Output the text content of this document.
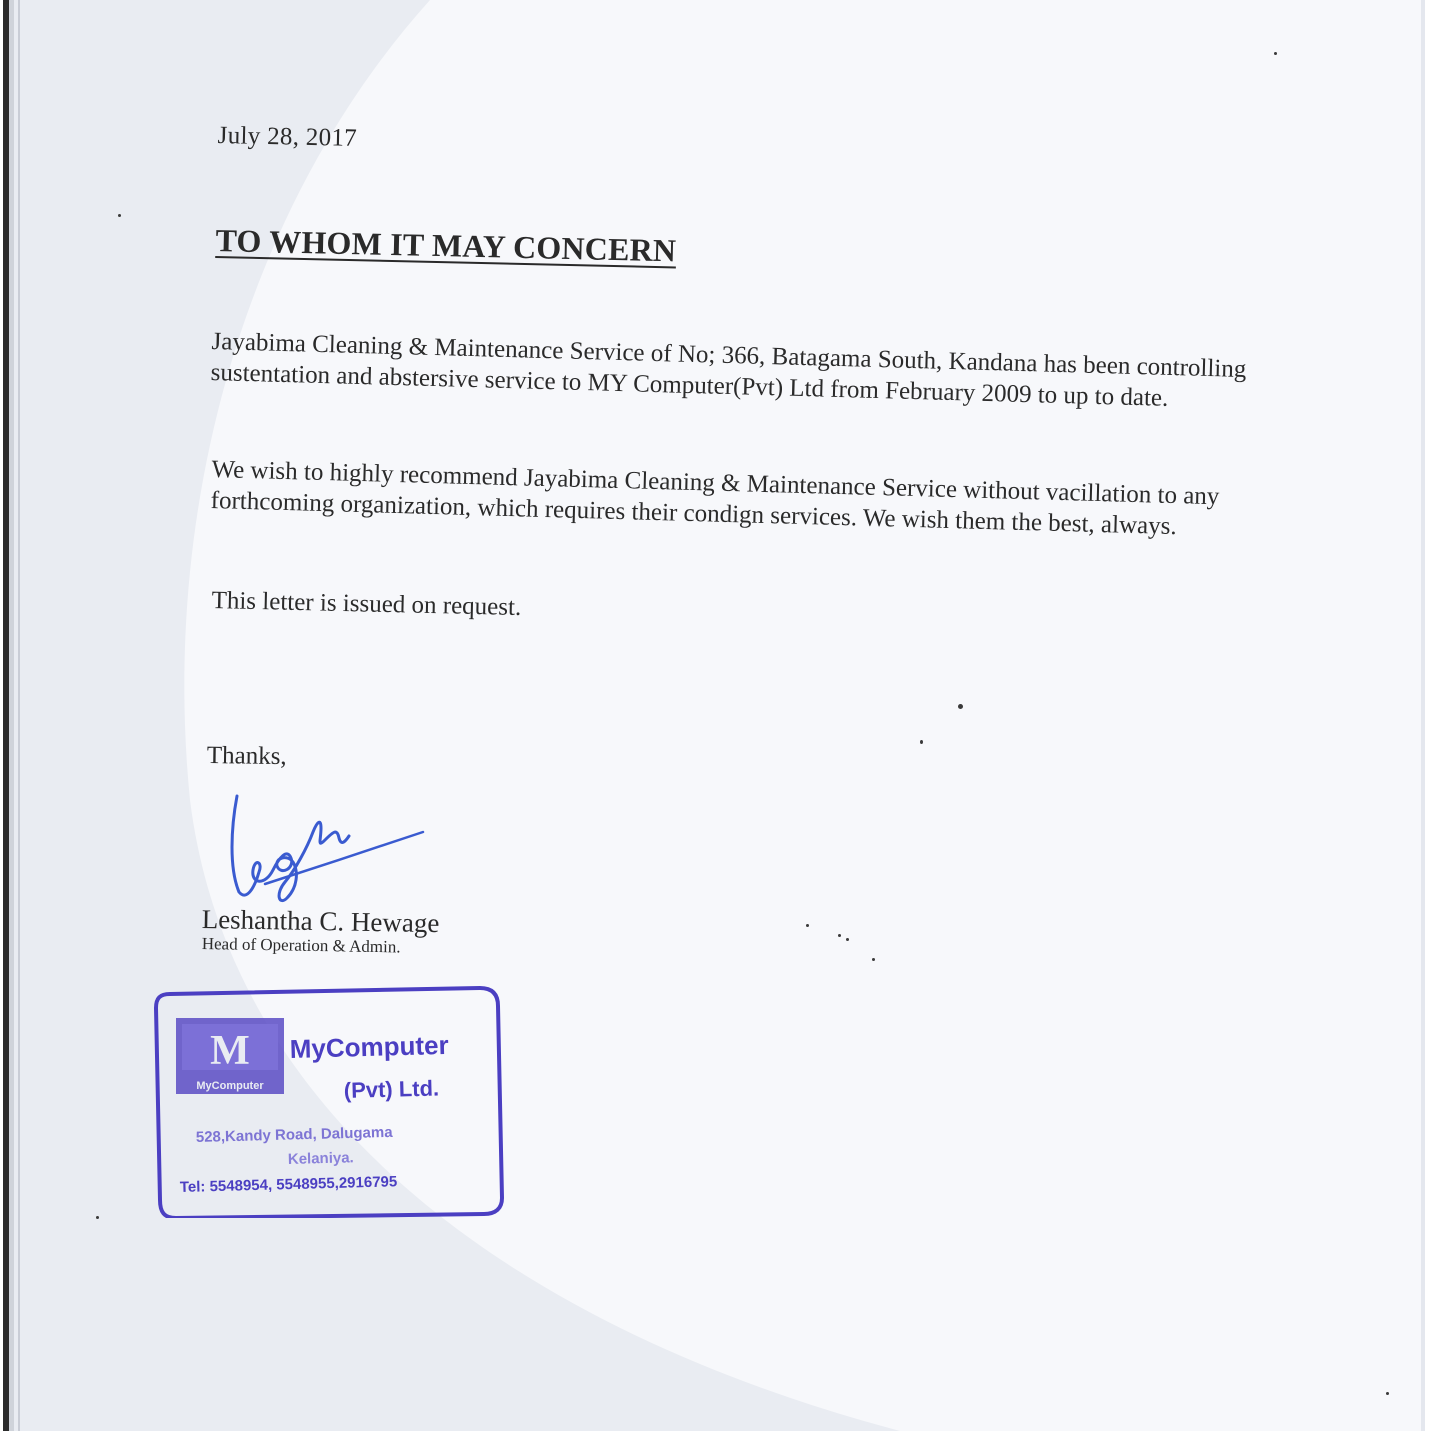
July 28, 2017
TO WHOM IT MAY CONCERN
Jayabima Cleaning & Maintenance Service of No; 366, Batagama South, Kandana has been controlling sustentation and abstersive service to MY Computer(Pvt) Ltd from February 2009 to up to date.
We wish to highly recommend Jayabima Cleaning & Maintenance Service without vacillation to any forthcoming organization, which requires their condign services. We wish them the best, always.
This letter is issued on request.
Thanks,
Leshantha C. Hewage
Head of Operation & Admin.
M
MyComputer
MyComputer
(Pvt) Ltd.
528,Kandy Road, Dalugama
Kelaniya.
Tel: 5548954, 5548955,2916795
